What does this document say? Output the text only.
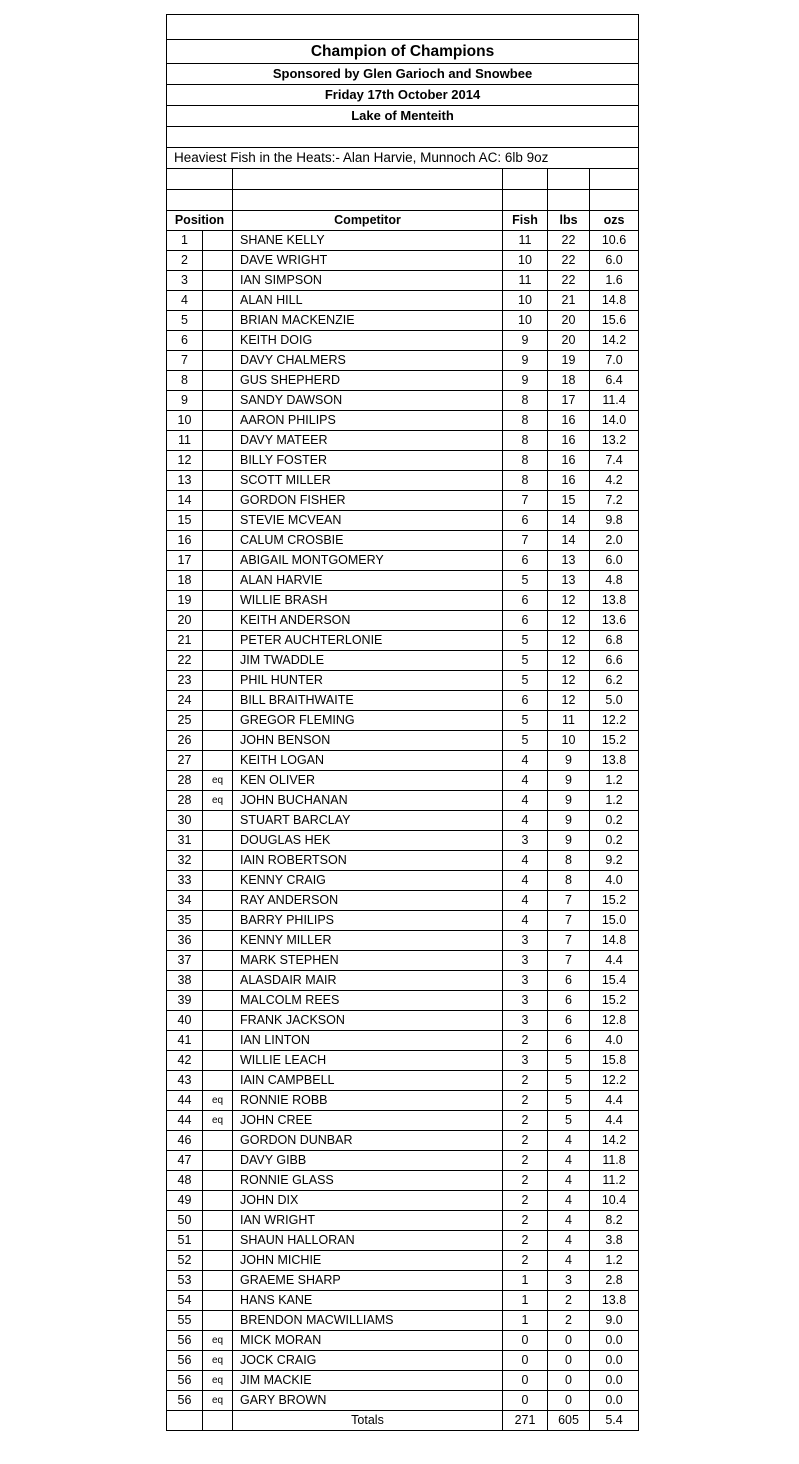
Champion of Champions					
Sponsored by Glen Garioch and Snowbee					
Friday 17th October 2014					
Lake of Menteith					

Heaviest Fish in the Heats:- Alan Harvie, Munnoch AC: 6lb 9oz					

Position		Competitor	Fish	lbs	ozs
1		SHANE KELLY	11	22	10.6
2		DAVE WRIGHT	10	22	6.0
3		IAN SIMPSON	11	22	1.6
4		ALAN HILL	10	21	14.8
5		BRIAN MACKENZIE	10	20	15.6
6		KEITH DOIG	9	20	14.2
7		DAVY CHALMERS	9	19	7.0
8		GUS SHEPHERD	9	18	6.4
9		SANDY DAWSON	8	17	11.4
10		AARON PHILIPS	8	16	14.0
11		DAVY MATEER	8	16	13.2
12		BILLY FOSTER	8	16	7.4
13		SCOTT MILLER	8	16	4.2
14		GORDON FISHER	7	15	7.2
15		STEVIE MCVEAN	6	14	9.8
16		CALUM CROSBIE	7	14	2.0
17		ABIGAIL MONTGOMERY	6	13	6.0
18		ALAN HARVIE	5	13	4.8
19		WILLIE BRASH	6	12	13.8
20		KEITH ANDERSON	6	12	13.6
21		PETER AUCHTERLONIE	5	12	6.8
22		JIM TWADDLE	5	12	6.6
23		PHIL HUNTER	5	12	6.2
24		BILL BRAITHWAITE	6	12	5.0
25		GREGOR FLEMING	5	11	12.2
26		JOHN BENSON	5	10	15.2
27		KEITH LOGAN	4	9	13.8
28	eq	KEN OLIVER	4	9	1.2
28	eq	JOHN BUCHANAN	4	9	1.2
30		STUART BARCLAY	4	9	0.2
31		DOUGLAS HEK	3	9	0.2
32		IAIN ROBERTSON	4	8	9.2
33		KENNY CRAIG	4	8	4.0
34		RAY ANDERSON	4	7	15.2
35		BARRY PHILIPS	4	7	15.0
36		KENNY MILLER	3	7	14.8
37		MARK STEPHEN	3	7	4.4
38		ALASDAIR MAIR	3	6	15.4
39		MALCOLM REES	3	6	15.2
40		FRANK JACKSON	3	6	12.8
41		IAN LINTON	2	6	4.0
42		WILLIE LEACH	3	5	15.8
43		IAIN CAMPBELL	2	5	12.2
44	eq	RONNIE ROBB	2	5	4.4
44	eq	JOHN CREE	2	5	4.4
46		GORDON DUNBAR	2	4	14.2
47		DAVY GIBB	2	4	11.8
48		RONNIE GLASS	2	4	11.2
49		JOHN DIX	2	4	10.4
50		IAN WRIGHT	2	4	8.2
51		SHAUN HALLORAN	2	4	3.8
52		JOHN MICHIE	2	4	1.2
53		GRAEME SHARP	1	3	2.8
54		HANS KANE	1	2	13.8
55		BRENDON MACWILLIAMS	1	2	9.0
56	eq	MICK MORAN	0	0	0.0
56	eq	JOCK CRAIG	0	0	0.0
56	eq	JIM MACKIE	0	0	0.0
56	eq	GARY BROWN	0	0	0.0
		Totals	271	605	5.4
